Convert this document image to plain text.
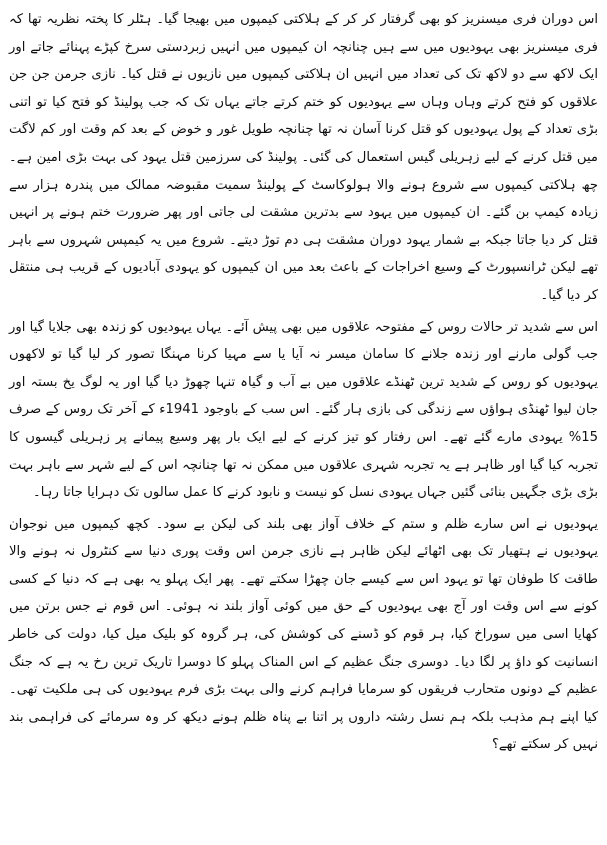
اس دوران فری میسنریز کو بھی گرفتار کر کر کے ہلاکتی کیمپوں میں بھیجا گیا۔ ہٹلر کا پختہ نظریہ تھا کہ فری میسنریز بھی یہودیوں میں سے ہیں چنانچہ ان کیمپوں میں انہیں زبردستی سرخ کپڑے پہنائے جاتے اور ایک لاکھ سے دو لاکھ تک کی تعداد میں انہیں ان ہلاکتی کیمپوں میں نازیوں نے قتل کیا۔ نازی جرمن جن جن علاقوں کو فتح کرتے وہاں وہاں سے یہودیوں کو ختم کرتے جاتے یہاں تک کہ جب پولینڈ کو فتح کیا تو اتنی بڑی تعداد کے پول یہودیوں کو قتل کرنا آسان نہ تھا چنانچہ طویل غور و خوض کے بعد کم وقت اور کم لاگت میں قتل کرنے کے لیے زہریلی گیس استعمال کی گئی۔ پولینڈ کی سرزمین قتل یہود کی بہت بڑی امین ہے۔ چھ ہلاکتی کیمپوں سے شروع ہونے والا ہولوکاسٹ کے پولینڈ سمیت مقبوضہ ممالک میں پندرہ ہزار سے زیادہ کیمپ بن گئے۔ ان کیمپوں میں یہود سے بدترین مشقت لی جاتی اور پھر ضرورت ختم ہونے پر انہیں قتل کر دیا جاتا جبکہ بے شمار یہود دوران مشقت ہی دم توڑ دیتے۔ شروع میں یہ کیمپس شہروں سے باہر تھے لیکن ٹرانسپورٹ کے وسیع اخراجات کے باعث بعد میں ان کیمپوں کو یہودی آبادیوں کے قریب ہی منتقل کر دیا گیا۔

اس سے شدید تر حالات روس کے مفتوحہ علاقوں میں بھی پیش آئے۔ یہاں یہودیوں کو زندہ بھی جلایا گیا اور جب گولی مارنے اور زندہ جلانے کا سامان میسر نہ آیا یا سے مہیا کرنا مہنگا تصور کر لیا گیا تو لاکھوں یہودیوں کو روس کے شدید ترین ٹھنڈے علاقوں میں بے آب و گیاہ تنہا چھوڑ دیا گیا اور یہ لوگ یخ بستہ اور جان لیوا ٹھنڈی ہواؤں سے زندگی کی بازی ہار گئے۔ اس سب کے باوجود 1941ء کے آخر تک روس کے صرف 15% یہودی مارے گئے تھے۔ اس رفتار کو تیز کرنے کے لیے ایک بار پھر وسیع پیمانے پر زہریلی گیسوں کا تجربہ کیا گیا اور ظاہر ہے یہ تجربہ شہری علاقوں میں ممکن نہ تھا چنانچہ اس کے لیے شہر سے باہر بہت بڑی بڑی جگہیں بنائی گئیں جہاں یہودی نسل کو نیست و نابود کرنے کا عمل سالوں تک دہرایا جاتا رہا۔

یہودیوں نے اس سارے ظلم و ستم کے خلاف آواز بھی بلند کی لیکن بے سود۔ کچھ کیمپوں میں نوجوان یہودیوں نے ہتھیار تک بھی اٹھائے لیکن ظاہر ہے نازی جرمن اس وقت پوری دنیا سے کنٹرول نہ ہونے والا طاقت کا طوفان تھا تو یہود اس سے کیسے جان چھڑا سکتے تھے۔ پھر ایک پہلو یہ بھی ہے کہ دنیا کے کسی کونے سے اس وقت اور آج بھی یہودیوں کے حق میں کوئی آواز بلند نہ ہوئی۔ اس قوم نے جس برتن میں کھایا اسی میں سوراخ کیا، ہر قوم کو ڈسنے کی کوشش کی، ہر گروہ کو بلیک میل کیا، دولت کی خاطر انسانیت کو داؤ پر لگا دیا۔ دوسری جنگ عظیم کے اس المناک پہلو کا دوسرا تاریک ترین رخ یہ ہے کہ جنگ عظیم کے دونوں متحارب فریقوں کو سرمایا فراہم کرنے والی بہت بڑی فرم یہودیوں کی ہی ملکیت تھی۔ کیا اپنے ہم مذہب بلکہ ہم نسل رشتہ داروں پر اتنا بے پناہ ظلم ہونے دیکھ کر وہ سرمائے کی فراہمی بند نہیں کر سکتے تھے؟
